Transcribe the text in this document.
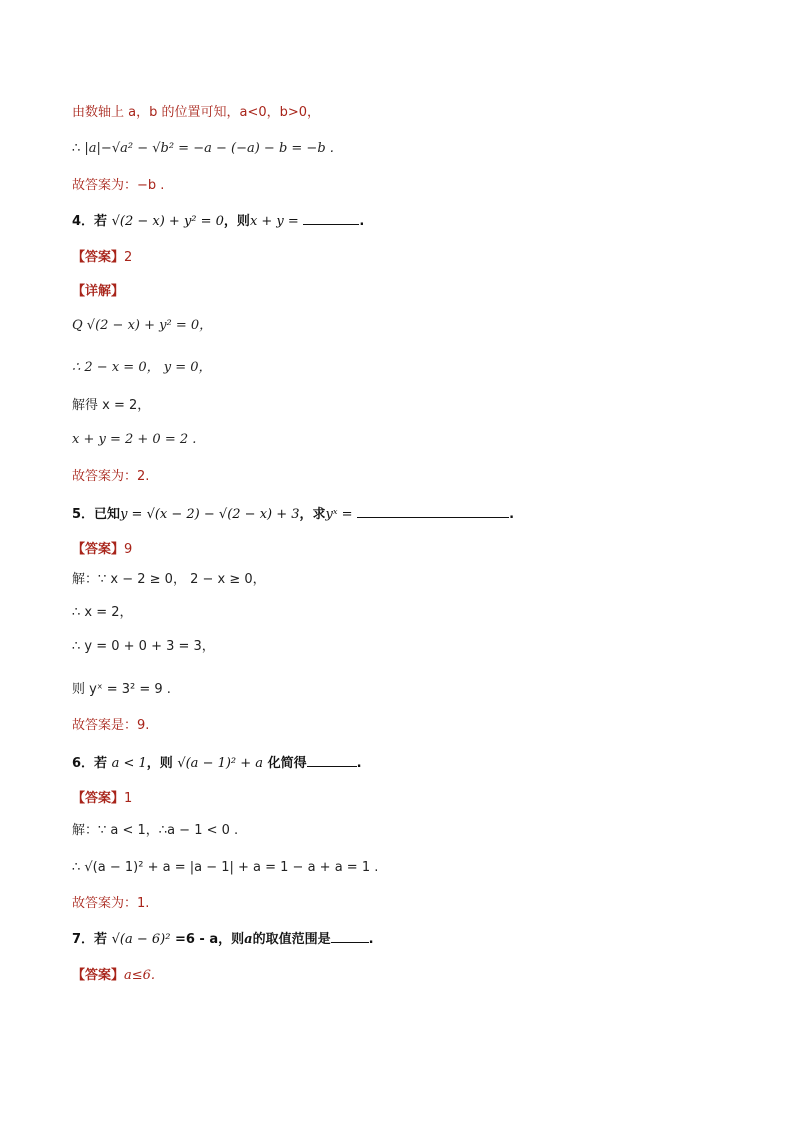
由数轴上 a，b 的位置可知，a<0，b>0，
∴ |a|−√a² − √b² = −a − (−a) − b = −b .
故答案为：−b .
4．若 √(2 − x) + y² = 0，则x + y =	.
【答案】2
【详解】
Q √(2 − x) + y² = 0，
∴ 2 − x = 0， y = 0，
解得 x = 2，
x + y = 2 + 0 = 2 .
故答案为：2.
5．已知y = √(x − 2) − √(2 − x) + 3，求yˣ =	.
【答案】9
解：∵ x − 2 ≥ 0， 2 − x ≥ 0，
∴ x = 2，
∴ y = 0 + 0 + 3 = 3，
则 yˣ = 3² = 9 .
故答案是：9.
6．若 a < 1，则 √(a − 1)² + a 化简得	.
【答案】1
解：∵ a < 1，∴a − 1 < 0 .
∴ √(a − 1)² + a = |a − 1| + a = 1 − a + a = 1 .
故答案为：1.
7．若 √(a − 6)² =6 - a，则a的取值范围是	.
【答案】a≤6.
